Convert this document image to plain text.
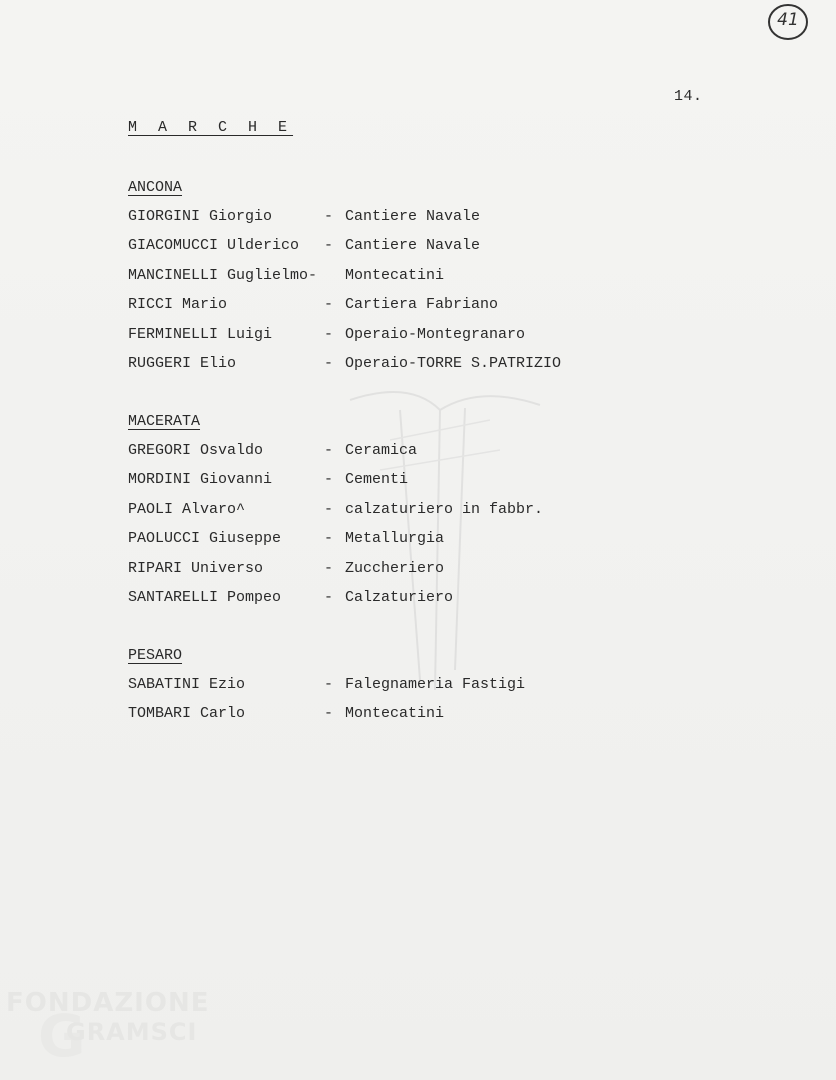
41
14.
M A R C H E
ANCONA
GIORGINI Giorgio	- Cantiere Navale
GIACOMUCCI Ulderico - Cantiere Navale
MANCINELLI Guglielmo- Montecatini
RICCI Mario	- Cartiera Fabriano
FERMINELLI Luigi	- Operaio-Montegranaro
RUGGERI Elio	- Operaio-TORRE S.PATRIZIO
MACERATA
GREGORI Osvaldo	- Ceramica
MORDINI Giovanni	- Cementi
PAOLI Alvaro^	- calzaturiero in fabbr.
PAOLUCCI Giuseppe	- Metallurgia
RIPARI Universo	- Zuccheriero
SANTARELLI Pompeo	- Calzaturiero
PESARO
SABATINI Ezio	- Falegnameria Fastigi
TOMBARI Carlo	- Montecatini
G
FONDAZIONE
GRAMSCI
